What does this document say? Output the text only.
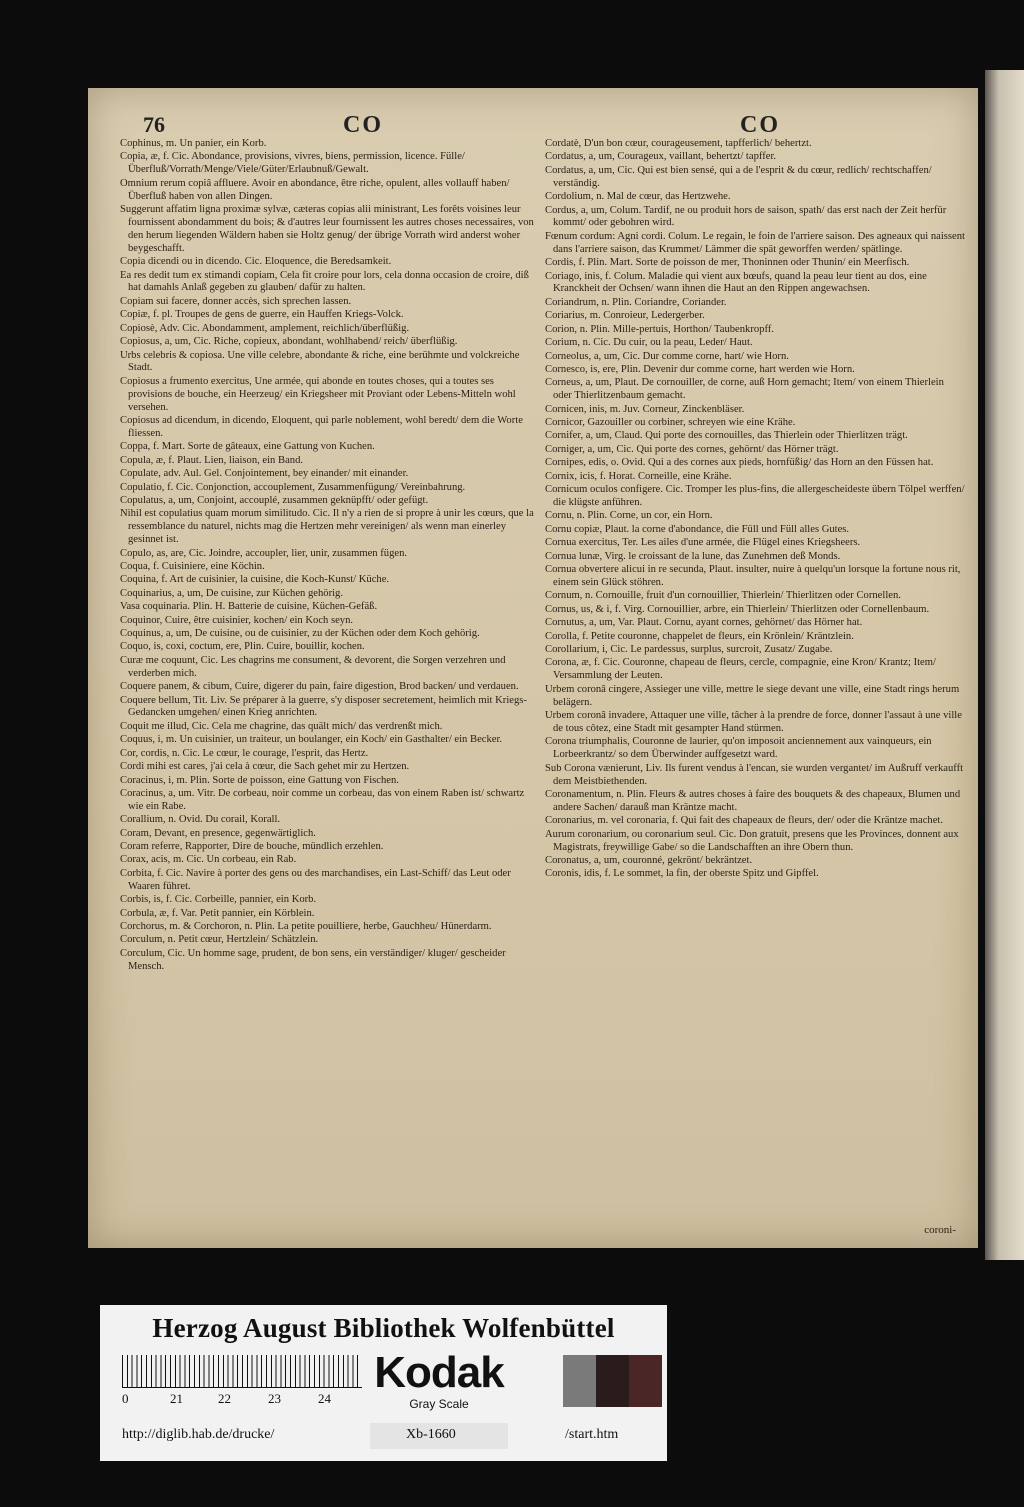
76	CO	CO
Cophinus, m. Un panier, ein Korb.
Copia, æ, f. Cic. Abondance, provisions, vivres, biens, permission, licence. Fülle/Überfluß/Vorrath/Menge/Viele/Güter/Erlaubnuß/Gewalt.
Omnium rerum copiâ affluere. Avoir en abondance, être riche, opulent, alles vollauff haben/ Überfluß haben von allen Dingen.
Suggerunt affatim ligna proximæ sylvæ, cæteras copias alii ministrant, Les forêts voisines leur fournissent abondamment du bois; & d'autres leur fournissent les autres choses necessaires, von den herum liegenden Wäldern haben sie Holtz genug/ der übrige Vorrath wird anderst woher beygeschafft.
Copia dicendi ou in dicendo. Cic. Eloquence, die Beredsamkeit.
Ea res dedit tum ex stimandi copiam, Cela fit croire pour lors, cela donna occasion de croire, diß hat damahls Anlaß gegeben zu glauben/ dafür zu halten.
Copiam sui facere, donner accès, sich sprechen lassen.
Copiæ, f. pl. Troupes de gens de guerre, ein Hauffen Kriegs-Volck.
Copiosè, Adv. Cic. Abondamment, amplement, reichlich/überflüßig.
Copiosus, a, um, Cic. Riche, copieux, abondant, wohlhabend/ reich/ überflüßig.
Urbs celebris & copiosa. Une ville celebre, abondante & riche, eine berühmte und volckreiche Stadt.
Copiosus a frumento exercitus, Une armée, qui abonde en toutes choses, qui a toutes ses provisions de bouche, ein Heerzeug/ ein Kriegsheer mit Proviant oder Lebens-Mitteln wohl versehen.
Copiosus ad dicendum, in dicendo, Eloquent, qui parle noblement, wohl beredt/ dem die Worte fliessen.
Coppa, f. Mart. Sorte de gâteaux, eine Gattung von Kuchen.
Copula, æ, f. Plaut. Lien, liaison, ein Band.
Copulate, adv. Aul. Gel. Conjointement, bey einander/ mit einander.
Copulatio, f. Cic. Conjonction, accouplement, Zusammenfügung/ Vereinbahrung.
Copulatus, a, um, Conjoint, accouplé, zusammen geknüpfft/ oder gefügt.
Nihil est copulatius quam morum similitudo. Cic. Il n'y a rien de si propre à unir les cœurs, que la ressemblance du naturel, nichts mag die Hertzen mehr vereinigen/ als wenn man einerley gesinnet ist.
Copulo, as, are, Cic. Joindre, accoupler, lier, unir, zusammen fügen.
Coqua, f. Cuisiniere, eine Köchin.
Coquina, f. Art de cuisinier, la cuisine, die Koch-Kunst/ Küche.
Coquinarius, a, um, De cuisine, zur Küchen gehörig.
Vasa coquinaria. Plin. H. Batterie de cuisine, Küchen-Gefäß.
Coquinor, Cuire, être cuisinier, kochen/ ein Koch seyn.
Coquinus, a, um, De cuisine, ou de cuisinier, zu der Küchen oder dem Koch gehörig.
Coquo, is, coxi, coctum, ere, Plin. Cuire, bouillir, kochen.
Curæ me coquunt, Cic. Les chagrins me consument, & devorent, die Sorgen verzehren und verderben mich.
Coquere panem, & cibum, Cuire, digerer du pain, faire digestion, Brod backen/ und verdauen.
Coquere bellum, Tit. Liv. Se préparer à la guerre, s'y disposer secretement, heimlich mit Kriegs-Gedancken umgehen/ einen Krieg anrichten.
Coquit me illud, Cic. Cela me chagrine, das quält mich/ das verdrenßt mich.
Coquus, i, m. Un cuisinier, un traiteur, un boulanger, ein Koch/ ein Gasthalter/ ein Becker.
Cor, cordis, n. Cic. Le cœur, le courage, l'esprit, das Hertz.
Cordi mihi est cares, j'ai cela à cœur, die Sach gehet mir zu Hertzen.
Coracinus, i, m. Plin. Sorte de poisson, eine Gattung von Fischen.
Coracinus, a, um. Vitr. De corbeau, noir comme un corbeau, das von einem Raben ist/ schwartz wie ein Rabe.
Corallium, n. Ovid. Du corail, Korall.
Coram, Devant, en presence, gegenwärtiglich.
Coram referre, Rapporter, Dire de bouche, mündlich erzehlen.
Corax, acis, m. Cic. Un corbeau, ein Rab.
Corbita, f. Cic. Navire à porter des gens ou des marchandises, ein Last-Schiff/ das Leut oder Waaren führet.
Corbis, is, f. Cic. Corbeille, pannier, ein Korb.
Corbula, æ, f. Var. Petit pannier, ein Körblein.
Corchorus, m. & Corchoron, n. Plin. La petite pouilliere, herbe, Gauchheu/ Hünerdarm.
Corculum, n. Petit cœur, Hertzlein/ Schätzlein.
Corculum, Cic. Un homme sage, prudent, de bon sens, ein verständiger/ kluger/ gescheider Mensch.
Cordatè, D'un bon cœur, courageusement, tapfferlich/ behertzt.
Cordatus, a, um, Courageux, vaillant, behertzt/ tapffer.
Cordatus, a, um, Cic. Qui est bien sensé, qui a de l'esprit & du cœur, redlich/ rechtschaffen/ verständig.
Cordolium, n. Mal de cœur, das Hertzwehe.
Cordus, a, um, Colum. Tardif, ne ou produit hors de saison, spath/ das erst nach der Zeit herfür kommt/ oder gebohren wird.
Fœnum cordum: Agni cordi. Colum. Le regain, le foin de l'arriere saison. Des agneaux qui naissent dans l'arriere saison, das Krummet/ Lämmer die spät geworffen werden/ spätlinge.
Cordis, f. Plin. Mart. Sorte de poisson de mer, Thoninnen oder Thunin/ ein Meerfisch.
Coriago, inis, f. Colum. Maladie qui vient aux bœufs, quand la peau leur tient au dos, eine Kranckheit der Ochsen/ wann ihnen die Haut an den Rippen angewachsen.
Coriandrum, n. Plin. Coriandre, Coriander.
Coriarius, m. Conroieur, Ledergerber.
Corion, n. Plin. Mille-pertuis, Horthon/ Taubenkropff.
Corium, n. Cic. Du cuir, ou la peau, Leder/ Haut.
Corneolus, a, um, Cic. Dur comme corne, hart/ wie Horn.
Cornesco, is, ere, Plin. Devenir dur comme corne, hart werden wie Horn.
Corneus, a, um, Plaut. De cornouiller, de corne, auß Horn gemacht; Item/ von einem Thierlein oder Thierlitzenbaum gemacht.
Cornicen, inis, m. Juv. Corneur, Zinckenbläser.
Cornicor, Gazouiller ou corbiner, schreyen wie eine Krähe.
Cornifer, a, um, Claud. Qui porte des cornouilles, das Thierlein oder Thierlitzen trägt.
Corniger, a, um, Cic. Qui porte des cornes, gehörnt/ das Hörner trägt.
Cornipes, edis, o. Ovid. Qui a des cornes aux pieds, hornfüßig/ das Horn an den Füssen hat.
Cornix, icis, f. Horat. Corneille, eine Krähe.
Cornicum oculos configere. Cic. Tromper les plus-fins, die allergescheideste übern Tölpel werffen/ die klügste anführen.
Cornu, n. Plin. Corne, un cor, ein Horn.
Cornu copiæ, Plaut. la corne d'abondance, die Füll und Füll alles Gutes.
Cornua exercitus, Ter. Les ailes d'une armée, die Flügel eines Kriegsheers.
Cornua lunæ, Virg. le croissant de la lune, das Zunehmen deß Monds.
Cornua obvertere alicui in re secunda, Plaut. insulter, nuire à quelqu'un lorsque la fortune nous rit, einem sein Glück stöhren.
Cornum, n. Cornouille, fruit d'un cornouillier, Thierlein/ Thierlitzen oder Cornellen.
Cornus, us, & i, f. Virg. Cornouillier, arbre, ein Thierlein/ Thierlitzen oder Cornellenbaum.
Cornutus, a, um, Var. Plaut. Cornu, ayant cornes, gehörnet/ das Hörner hat.
Corolla, f. Petite couronne, chappelet de fleurs, ein Krönlein/ Kräntzlein.
Corollarium, i, Cic. Le pardessus, surplus, surcroit, Zusatz/ Zugabe.
Corona, æ, f. Cic. Couronne, chapeau de fleurs, cercle, compagnie, eine Kron/ Krantz; Item/ Versammlung der Leuten.
Urbem coronâ cingere, Assieger une ville, mettre le siege devant une ville, eine Stadt rings herum belägern.
Urbem coronâ invadere, Attaquer une ville, tâcher à la prendre de force, donner l'assaut à une ville de tous côtez, eine Stadt mit gesampter Hand stürmen.
Corona triumphalis, Couronne de laurier, qu'on imposoit anciennement aux vainqueurs, ein Lorbeerkrantz/ so dem Überwinder auffgesetzt ward.
Sub Corona vænierunt, Liv. Ils furent vendus à l'encan, sie wurden vergantet/ im Außruff verkaufft dem Meistbiethenden.
Coronamentum, n. Plin. Fleurs & autres choses à faire des bouquets & des chapeaux, Blumen und andere Sachen/ darauß man Kräntze macht.
Coronarius, m. vel coronaria, f. Qui fait des chapeaux de fleurs, der/ oder die Kräntze machet.
Aurum coronarium, ou coronarium seul. Cic. Don gratuit, presens que les Provinces, donnent aux Magistrats, freywillige Gabe/ so die Landschafften an ihre Obern thun.
Coronatus, a, um, couronné, gekrönt/ bekräntzet.
Coronis, idis, f. Le sommet, la fin, der oberste Spitz und Gipffel.
coroni-
Herzog August Bibliothek Wolfenbüttel
0	21	22	23	24
Kodak
Gray Scale
http://diglib.hab.de/drucke/	Xb-1660	/start.htm
